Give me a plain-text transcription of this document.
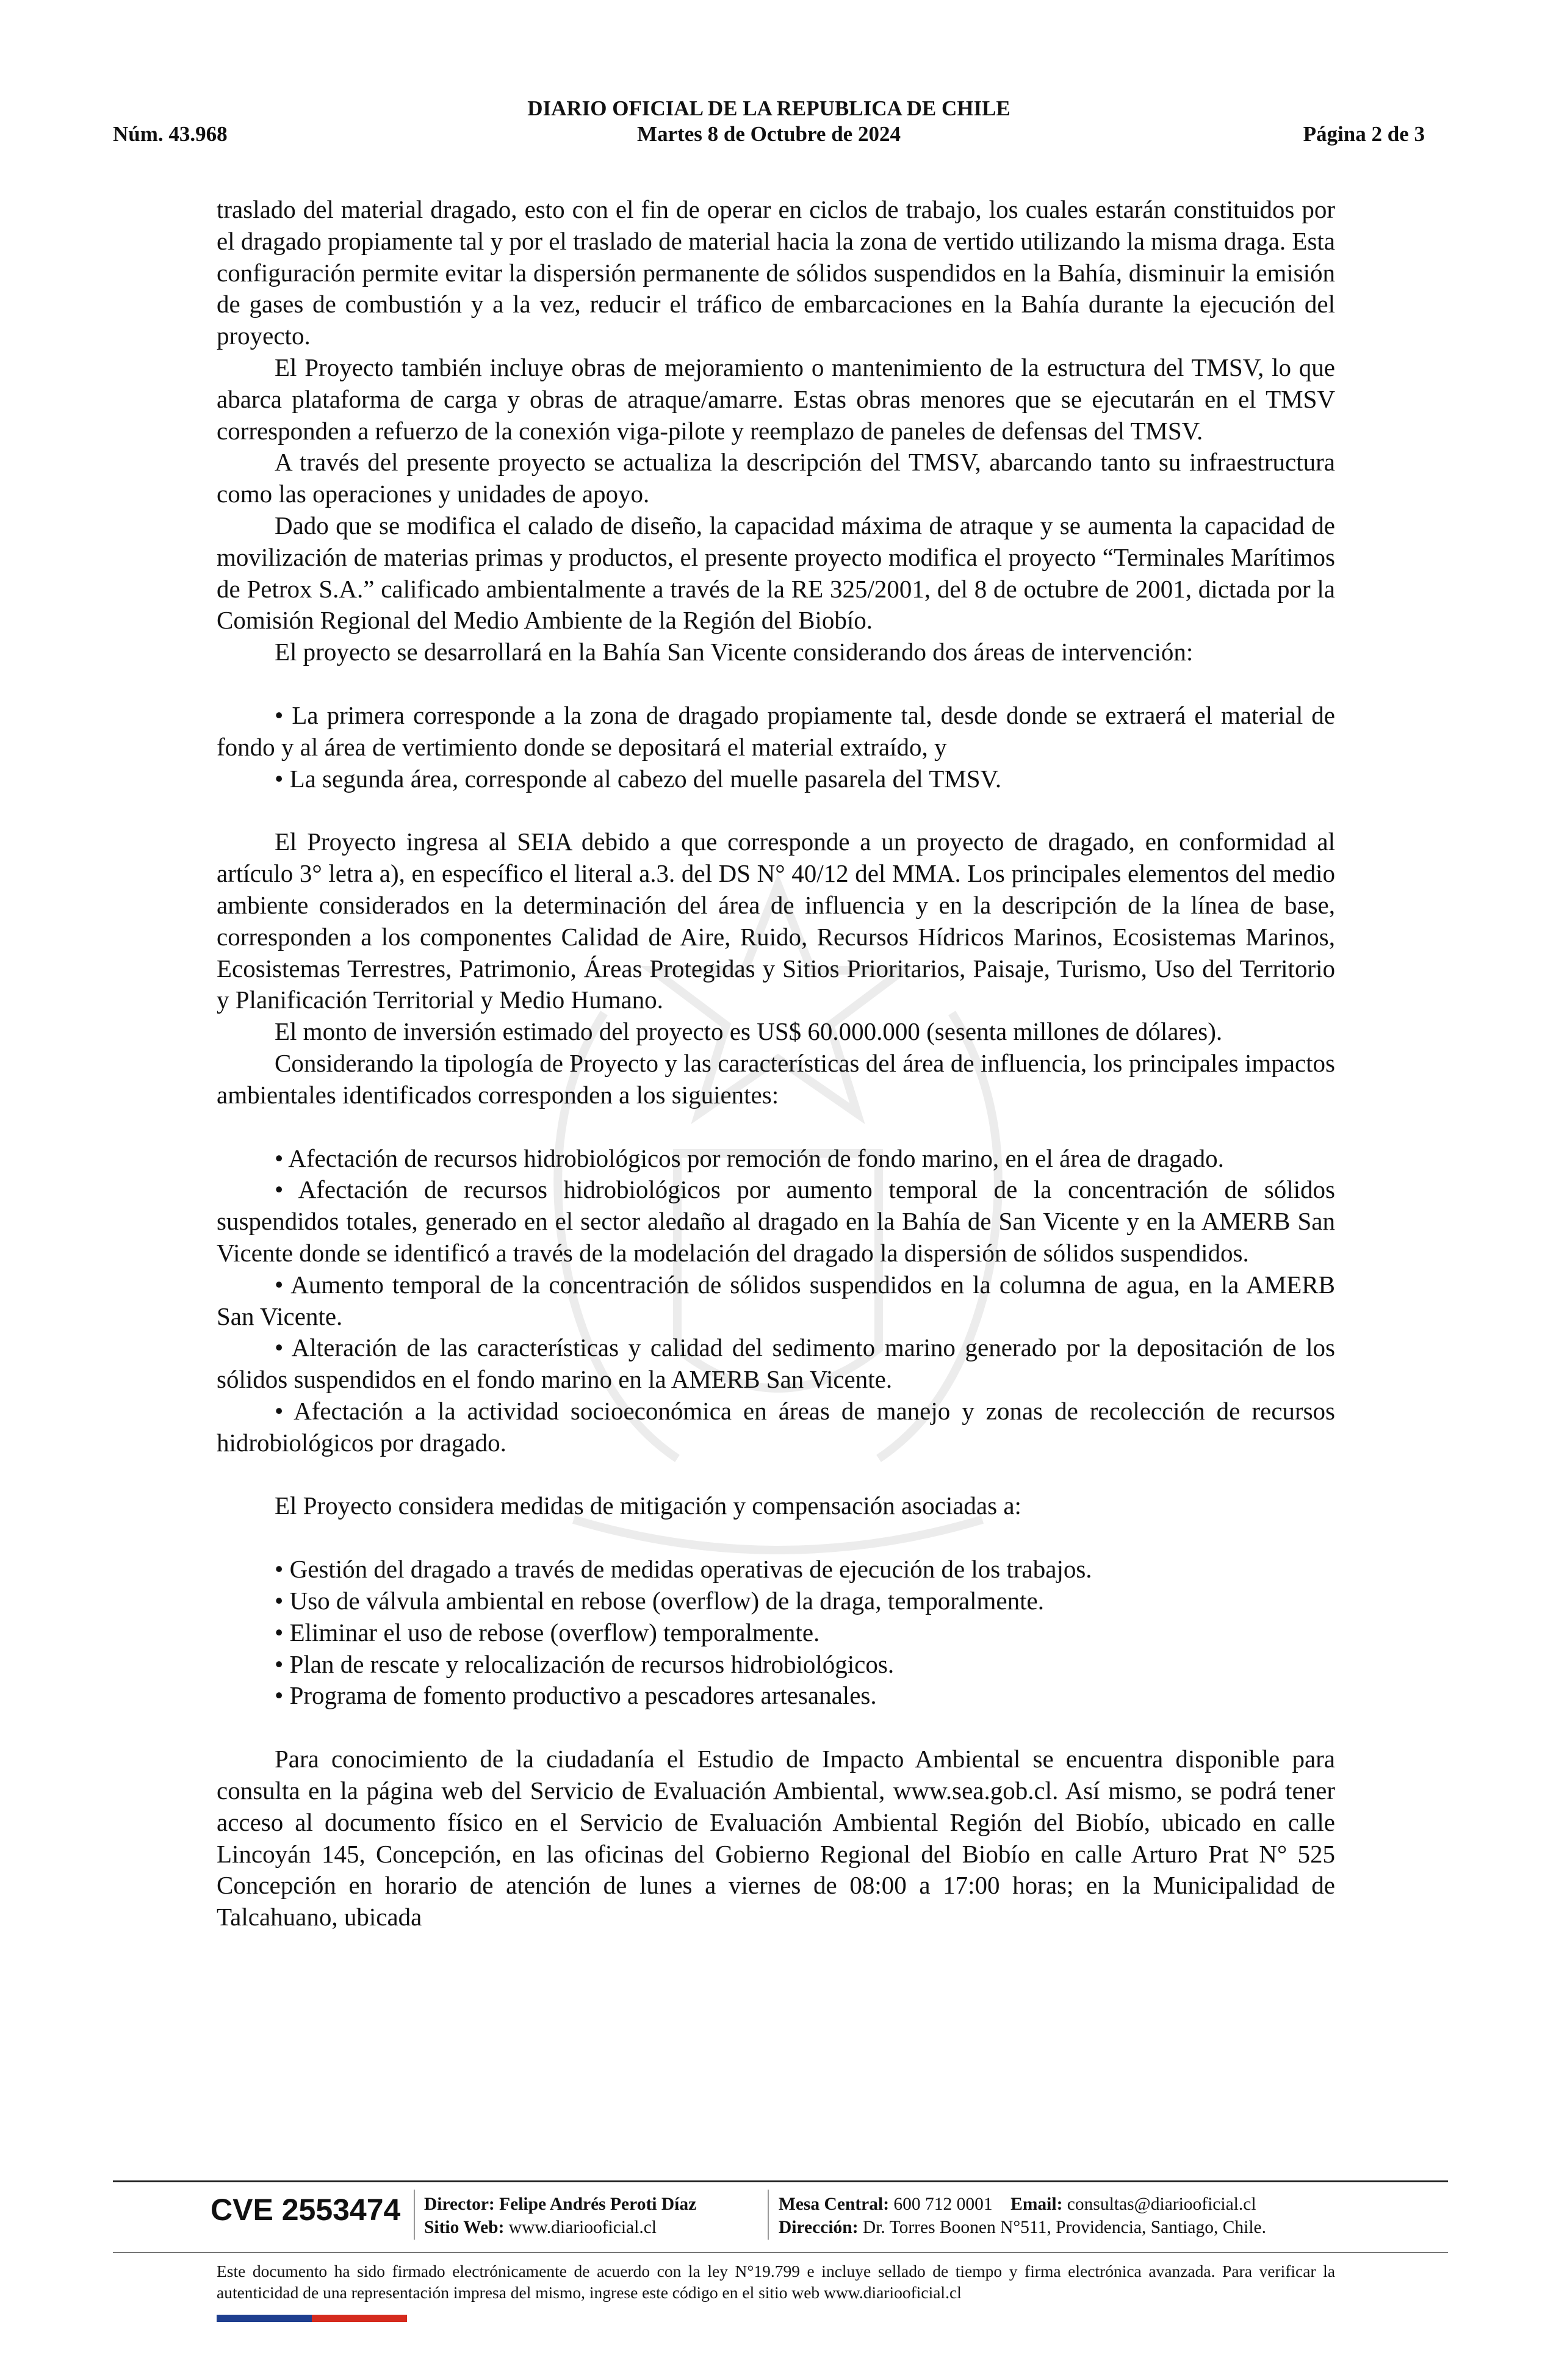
DIARIO OFICIAL DE LA REPUBLICA DE CHILE
Núm. 43.968	Martes 8 de Octubre de 2024	Página 2 de 3

traslado del material dragado, esto con el fin de operar en ciclos de trabajo, los cuales estarán constituidos por el dragado propiamente tal y por el traslado de material hacia la zona de vertido utilizando la misma draga. Esta configuración permite evitar la dispersión permanente de sólidos suspendidos en la Bahía, disminuir la emisión de gases de combustión y a la vez, reducir el tráfico de embarcaciones en la Bahía durante la ejecución del proyecto.

El Proyecto también incluye obras de mejoramiento o mantenimiento de la estructura del TMSV, lo que abarca plataforma de carga y obras de atraque/amarre. Estas obras menores que se ejecutarán en el TMSV corresponden a refuerzo de la conexión viga-pilote y reemplazo de paneles de defensas del TMSV.

A través del presente proyecto se actualiza la descripción del TMSV, abarcando tanto su infraestructura como las operaciones y unidades de apoyo.

Dado que se modifica el calado de diseño, la capacidad máxima de atraque y se aumenta la capacidad de movilización de materias primas y productos, el presente proyecto modifica el proyecto “Terminales Marítimos de Petrox S.A.” calificado ambientalmente a través de la RE 325/2001, del 8 de octubre de 2001, dictada por la Comisión Regional del Medio Ambiente de la Región del Biobío.

El proyecto se desarrollará en la Bahía San Vicente considerando dos áreas de intervención:

• La primera corresponde a la zona de dragado propiamente tal, desde donde se extraerá el material de fondo y al área de vertimiento donde se depositará el material extraído, y

• La segunda área, corresponde al cabezo del muelle pasarela del TMSV.

El Proyecto ingresa al SEIA debido a que corresponde a un proyecto de dragado, en conformidad al artículo 3° letra a), en específico el literal a.3. del DS N° 40/12 del MMA. Los principales elementos del medio ambiente considerados en la determinación del área de influencia y en la descripción de la línea de base, corresponden a los componentes Calidad de Aire, Ruido, Recursos Hídricos Marinos, Ecosistemas Marinos, Ecosistemas Terrestres, Patrimonio, Áreas Protegidas y Sitios Prioritarios, Paisaje, Turismo, Uso del Territorio y Planificación Territorial y Medio Humano.

El monto de inversión estimado del proyecto es US$ 60.000.000 (sesenta millones de dólares).

Considerando la tipología de Proyecto y las características del área de influencia, los principales impactos ambientales identificados corresponden a los siguientes:

• Afectación de recursos hidrobiológicos por remoción de fondo marino, en el área de dragado.

• Afectación de recursos hidrobiológicos por aumento temporal de la concentración de sólidos suspendidos totales, generado en el sector aledaño al dragado en la Bahía de San Vicente y en la AMERB San Vicente donde se identificó a través de la modelación del dragado la dispersión de sólidos suspendidos.

• Aumento temporal de la concentración de sólidos suspendidos en la columna de agua, en la AMERB San Vicente.

• Alteración de las características y calidad del sedimento marino generado por la depositación de los sólidos suspendidos en el fondo marino en la AMERB San Vicente.

• Afectación a la actividad socioeconómica en áreas de manejo y zonas de recolección de recursos hidrobiológicos por dragado.

El Proyecto considera medidas de mitigación y compensación asociadas a:

• Gestión del dragado a través de medidas operativas de ejecución de los trabajos.

• Uso de válvula ambiental en rebose (overflow) de la draga, temporalmente.

• Eliminar el uso de rebose (overflow) temporalmente.

• Plan de rescate y relocalización de recursos hidrobiológicos.

• Programa de fomento productivo a pescadores artesanales.

Para conocimiento de la ciudadanía el Estudio de Impacto Ambiental se encuentra disponible para consulta en la página web del Servicio de Evaluación Ambiental, www.sea.gob.cl. Así mismo, se podrá tener acceso al documento físico en el Servicio de Evaluación Ambiental Región del Biobío, ubicado en calle Lincoyán 145, Concepción, en las oficinas del Gobierno Regional del Biobío en calle Arturo Prat N° 525 Concepción en horario de atención de lunes a viernes de 08:00 a 17:00 horas; en la Municipalidad de Talcahuano, ubicada

CVE 2553474 Director: Felipe Andrés Peroti Díaz
Sitio Web: www.diariooficial.cl
Mesa Central: 600 712 0001 Email: consultas@diariooficial.cl
Dirección: Dr. Torres Boonen N°511, Providencia, Santiago, Chile.
Este documento ha sido firmado electrónicamente de acuerdo con la ley N°19.799 e incluye sellado de tiempo y firma electrónica avanzada. Para verificar la autenticidad de una representación impresa del mismo, ingrese este código en el sitio web www.diariooficial.cl
